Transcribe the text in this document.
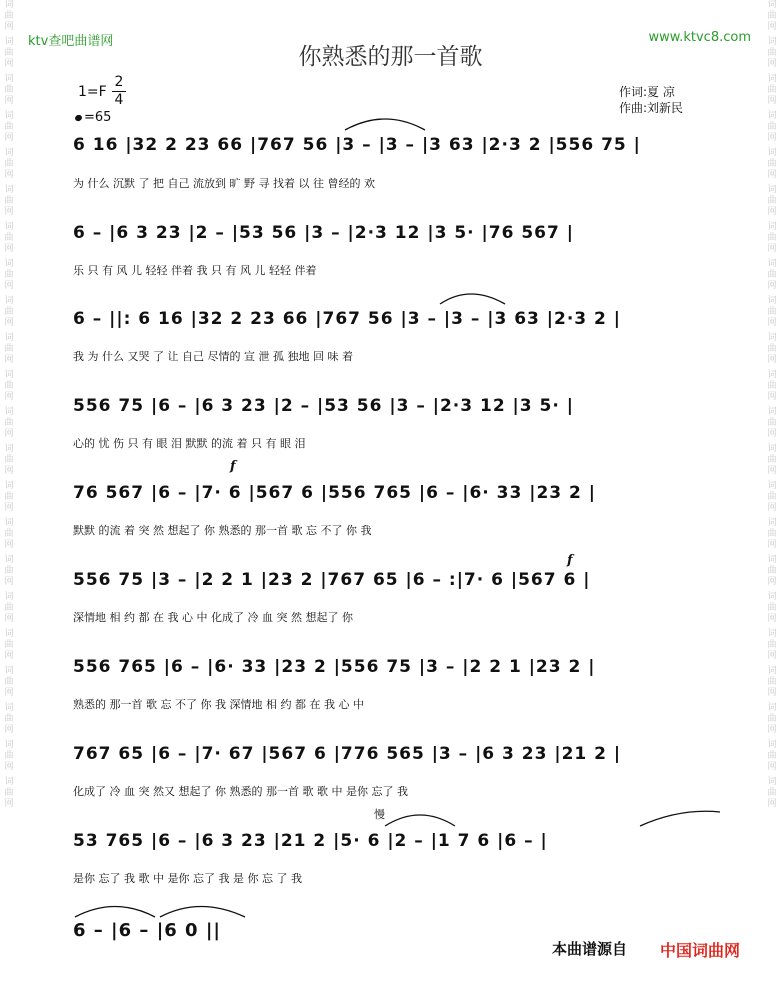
词曲网
词曲网
词曲网
词曲网
词曲网
词曲网
词曲网
词曲网
词曲网
词曲网
词曲网
词曲网
词曲网
词曲网
词曲网
词曲网
词曲网
词曲网
词曲网
词曲网
词曲网
词曲网
词曲网
词曲网
词曲网
词曲网
词曲网
词曲网
词曲网
词曲网
词曲网
词曲网
词曲网
词曲网
词曲网
词曲网
词曲网
词曲网
词曲网
词曲网
词曲网
词曲网
词曲网
词曲网
ktv查吧曲谱网	www.ktvc8.com
你熟悉的那一首歌
1=F
2
4
=65
作词:夏 凉
作曲:刘新民
6 16 |32 2 23 66 |767 56 |3 – |3 – |3 63 |2·3 2 |556 75 |
为 什么 沉默 了 把 自己 流放到 旷 野 寻 找着 以 往 曾经的 欢
6 – |6 3 23 |2 – |53 56 |3 – |2·3 12 |3 5· |76 567 |
乐 只 有 风 儿 轻轻 伴着 我 只 有 风 儿 轻轻 伴着
6 – ||: 6 16 |32 2 23 66 |767 56 |3 – |3 – |3 63 |2·3 2 |
我 为 什么 又哭 了 让 自己 尽情的 宣 泄 孤 独地 回 味 着
556 75 |6 – |6 3 23 |2 – |53 56 |3 – |2·3 12 |3 5· |
心的 忧 伤 只 有 眼 泪 默默 的流 着 只 有 眼 泪
f
76 567 |6 – |7· 6 |567 6 |556 765 |6 – |6· 33 |23 2 |
默默 的流 着 突 然 想起了 你 熟悉的 那一首 歌 忘 不了 你 我
f
556 75 |3 – |2 2 1 |23 2 |767 65 |6 – :|7· 6 |567 6 |
深情地 相 约 都 在 我 心 中 化成了 冷 血 突 然 想起了 你
556 765 |6 – |6· 33 |23 2 |556 75 |3 – |2 2 1 |23 2 |
熟悉的 那一首 歌 忘 不了 你 我 深情地 相 约 都 在 我 心 中
767 65 |6 – |7· 67 |567 6 |776 565 |3 – |6 3 23 |21 2 |
化成了 冷 血 突 然又 想起了 你 熟悉的 那一首 歌 歌 中 是你 忘了 我
慢
53 765 |6 – |6 3 23 |21 2 |5· 6 |2 – |1 7 6 |6 – |
是你 忘了 我 歌 中 是你 忘了 我 是 你 忘 了 我
6 – |6 – |6 0 ||
本曲谱源自 中国词曲网
